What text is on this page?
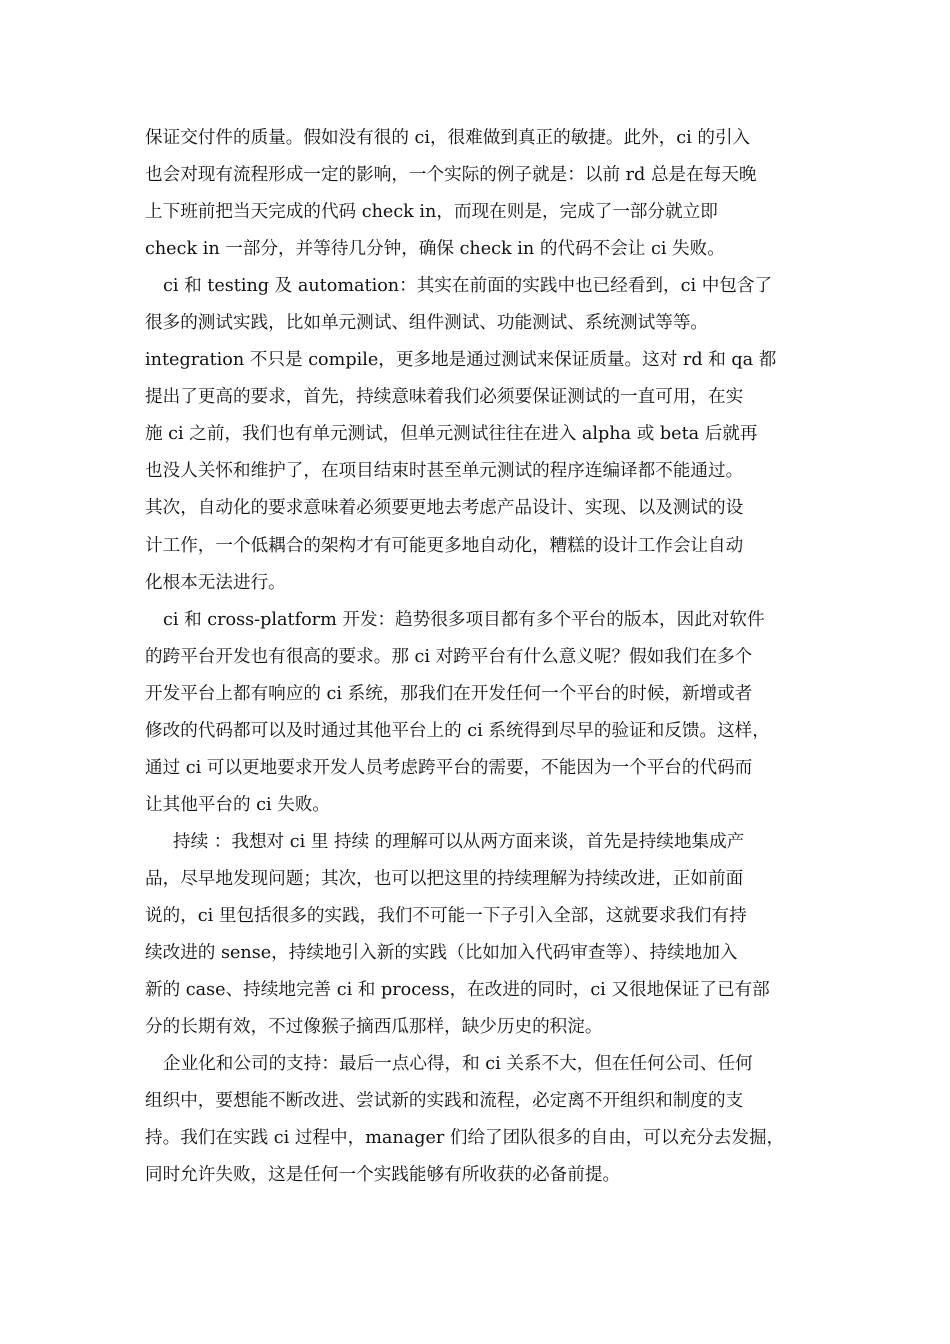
保证交付件的质量。假如没有很的 ci，很难做到真正的敏捷。此外，ci 的引入
也会对现有流程形成一定的影响，一个实际的例子就是：以前 rd 总是在每天晚
上下班前把当天完成的代码 check in，而现在则是，完成了一部分就立即
check in 一部分，并等待几分钟，确保 check in 的代码不会让 ci 失败。
ci 和 testing 及 automation：其实在前面的实践中也已经看到，ci 中包含了
很多的测试实践，比如单元测试、组件测试、功能测试、系统测试等等。
integration 不只是 compile，更多地是通过测试来保证质量。这对 rd 和 qa 都
提出了更高的要求，首先，持续意味着我们必须要保证测试的一直可用，在实
施 ci 之前，我们也有单元测试，但单元测试往往在进入 alpha 或 beta 后就再
也没人关怀和维护了，在项目结束时甚至单元测试的程序连编译都不能通过。
其次，自动化的要求意味着必须要更地去考虑产品设计、实现、以及测试的设
计工作，一个低耦合的架构才有可能更多地自动化，糟糕的设计工作会让自动
化根本无法进行。
ci 和 cross-platform 开发：趋势很多项目都有多个平台的版本，因此对软件
的跨平台开发也有很高的要求。那 ci 对跨平台有什么意义呢？假如我们在多个
开发平台上都有响应的 ci 系统，那我们在开发任何一个平台的时候，新增或者
修改的代码都可以及时通过其他平台上的 ci 系统得到尽早的验证和反馈。这样，
通过 ci 可以更地要求开发人员考虑跨平台的需要，不能因为一个平台的代码而
让其他平台的 ci 失败。
持续 ：我想对 ci 里 持续 的理解可以从两方面来谈，首先是持续地集成产
品，尽早地发现问题；其次，也可以把这里的持续理解为持续改进，正如前面
说的，ci 里包括很多的实践，我们不可能一下子引入全部，这就要求我们有持
续改进的 sense，持续地引入新的实践（比如加入代码审查等）、持续地加入
新的 case、持续地完善 ci 和 process，在改进的同时，ci 又很地保证了已有部
分的长期有效，不过像猴子摘西瓜那样，缺少历史的积淀。
企业化和公司的支持：最后一点心得，和 ci 关系不大，但在任何公司、任何
组织中，要想能不断改进、尝试新的实践和流程，必定离不开组织和制度的支
持。我们在实践 ci 过程中，manager 们给了团队很多的自由，可以充分去发掘，
同时允许失败，这是任何一个实践能够有所收获的必备前提。
